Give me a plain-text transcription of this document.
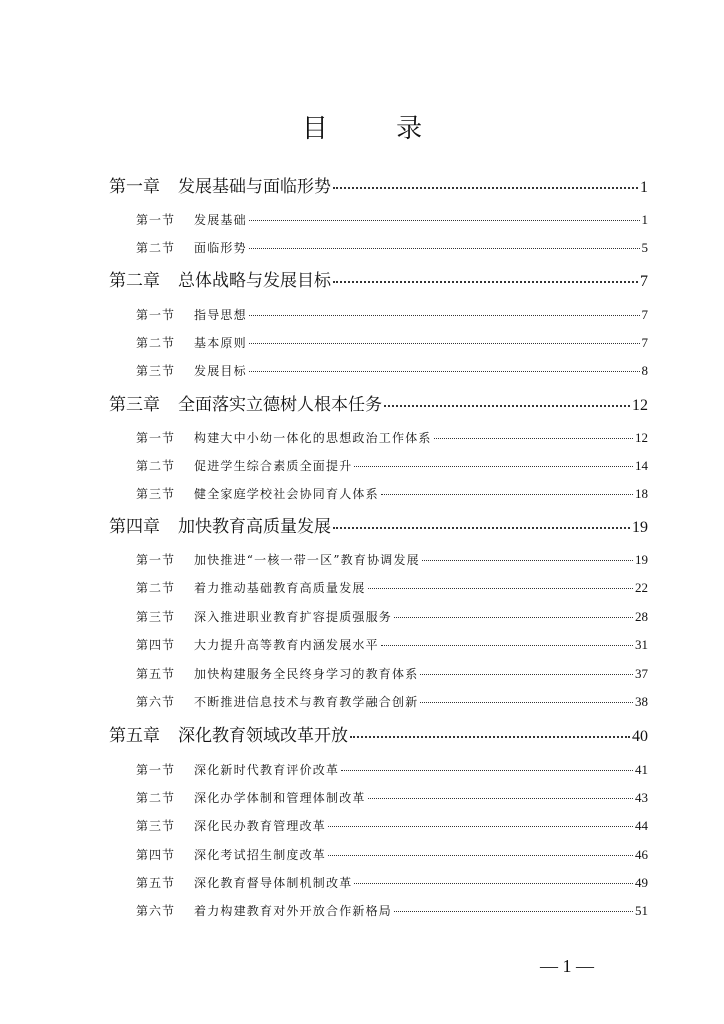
目 录
第一章	发展基础与面临形势	1
第一节	发展基础	1
第二节	面临形势	5
第二章	总体战略与发展目标	7
第一节	指导思想	7
第二节	基本原则	7
第三节	发展目标	8
第三章	全面落实立德树人根本任务	12
第一节	构建大中小幼一体化的思想政治工作体系	12
第二节	促进学生综合素质全面提升	14
第三节	健全家庭学校社会协同育人体系	18
第四章	加快教育高质量发展	19
第一节	加快推进“一核一带一区”教育协调发展	19
第二节	着力推动基础教育高质量发展	22
第三节	深入推进职业教育扩容提质强服务	28
第四节	大力提升高等教育内涵发展水平	31
第五节	加快构建服务全民终身学习的教育体系	37
第六节	不断推进信息技术与教育教学融合创新	38
第五章	深化教育领域改革开放	40
第一节	深化新时代教育评价改革	41
第二节	深化办学体制和管理体制改革	43
第三节	深化民办教育管理改革	44
第四节	深化考试招生制度改革	46
第五节	深化教育督导体制机制改革	49
第六节	着力构建教育对外开放合作新格局	51
— 1 —
